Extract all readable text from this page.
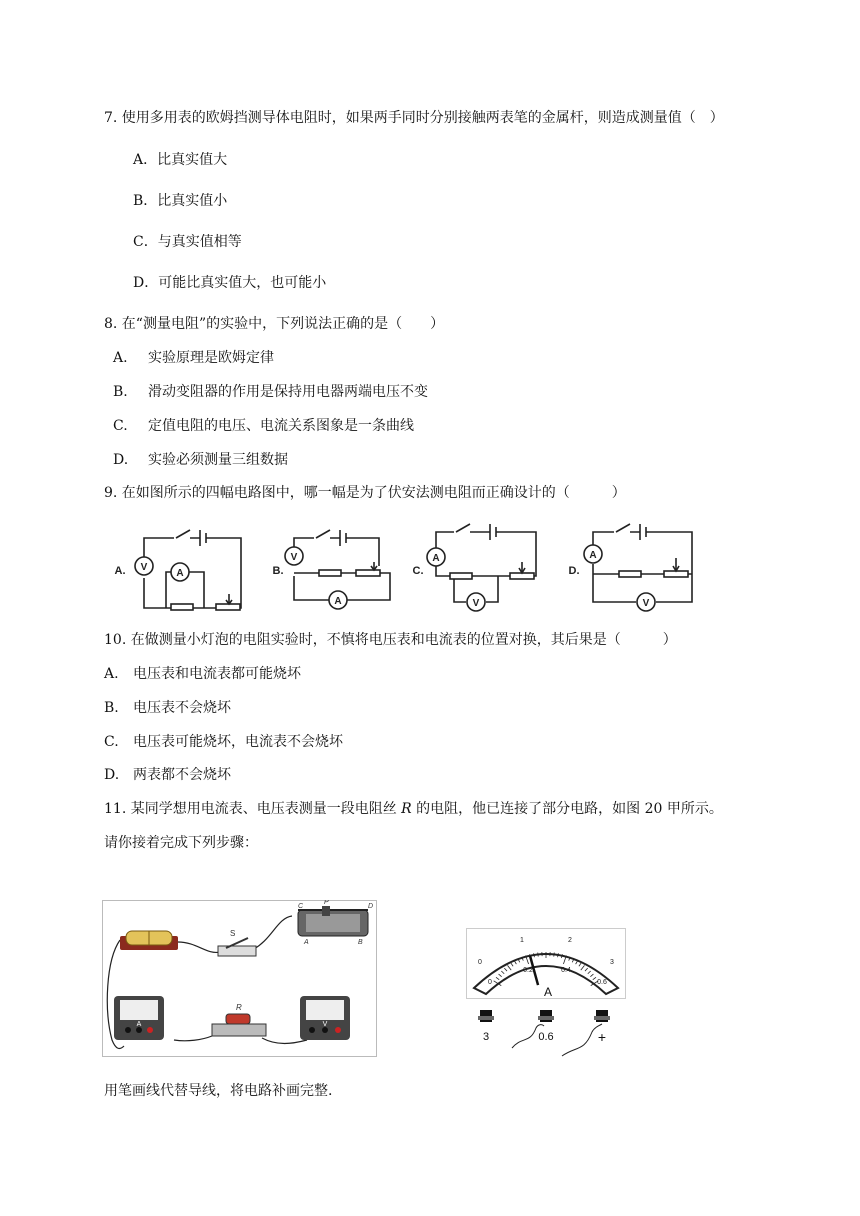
7. 使用多用表的欧姆挡测导体电阻时，如果两手同时分别接触两表笔的金属杆，则造成测量值（　）
A．比真实值大
B．比真实值小
C．与真实值相等
D．可能比真实值大，也可能小
8. 在“测量电阻”的实验中，下列说法正确的是（　　）
A. 实验原理是欧姆定律
B. 滑动变阻器的作用是保持用电器两端电压不变
C. 定值电阻的电压、电流关系图象是一条曲线
D. 实验必须测量三组数据
9. 在如图所示的四幅电路图中，哪一幅是为了伏安法测电阻而正确设计的（　　　）
A. V
A	B.
V
A
C.
A
V
D.
A
V
10. 在做测量小灯泡的电阻实验时，不慎将电压表和电流表的位置对换，其后果是（　　　）
A. 电压表和电流表都可能烧坏
B. 电压表不会烧坏
C. 电压表可能烧坏，电流表不会烧坏
D. 两表都不会烧坏
11. 某同学想用电流表、电压表测量一段电阻丝 R 的电阻，他已连接了部分电路，如图 20 甲所示。
请你接着完成下列步骤：
S
C
P
D
A	B
A
R
V
0
1	2
3
0
0.2	0.4
0.6
A
3	0.6	+
用笔画线代替导线，将电路补画完整.
